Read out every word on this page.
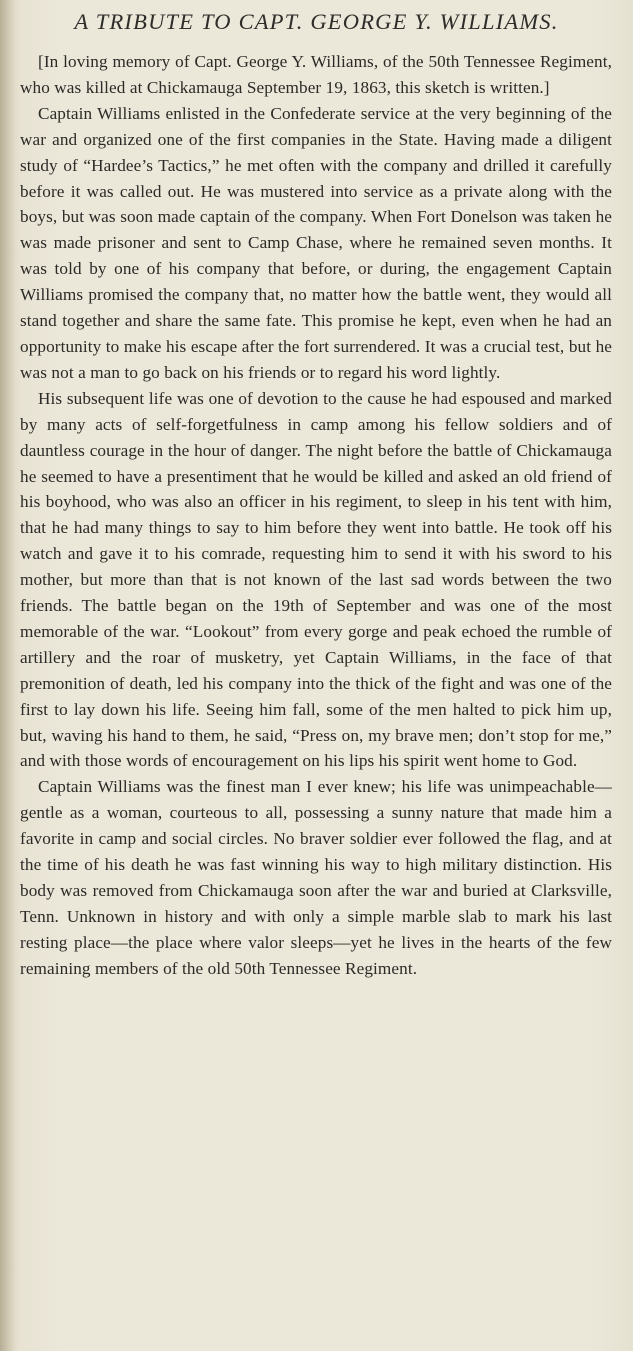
A TRIBUTE TO CAPT. GEORGE Y. WILLIAMS.

[In loving memory of Capt. George Y. Williams, of the 50th Tennessee Regiment, who was killed at Chickamauga September 19, 1863, this sketch is written.]

Captain Williams enlisted in the Confederate service at the very beginning of the war and organized one of the first companies in the State. Having made a diligent study of “Hardee’s Tactics,” he met often with the company and drilled it carefully before it was called out. He was mustered into service as a private along with the boys, but was soon made captain of the company. When Fort Donelson was taken he was made prisoner and sent to Camp Chase, where he remained seven months. It was told by one of his company that before, or during, the engagement Captain Williams promised the company that, no matter how the battle went, they would all stand together and share the same fate. This promise he kept, even when he had an opportunity to make his escape after the fort surrendered. It was a crucial test, but he was not a man to go back on his friends or to regard his word lightly.

His subsequent life was one of devotion to the cause he had espoused and marked by many acts of self-forgetfulness in camp among his fellow soldiers and of dauntless courage in the hour of danger. The night before the battle of Chickamauga he seemed to have a presentiment that he would be killed and asked an old friend of his boyhood, who was also an officer in his regiment, to sleep in his tent with him, that he had many things to say to him before they went into battle. He took off his watch and gave it to his comrade, requesting him to send it with his sword to his mother, but more than that is not known of the last sad words between the two friends. The battle began on the 19th of September and was one of the most memorable of the war. “Lookout” from every gorge and peak echoed the rumble of artillery and the roar of musketry, yet Captain Williams, in the face of that premonition of death, led his company into the thick of the fight and was one of the first to lay down his life. Seeing him fall, some of the men halted to pick him up, but, waving his hand to them, he said, “Press on, my brave men; don’t stop for me,” and with those words of encouragement on his lips his spirit went home to God.

Captain Williams was the finest man I ever knew; his life was unimpeachable—gentle as a woman, courteous to all, possessing a sunny nature that made him a favorite in camp and social circles. No braver soldier ever followed the flag, and at the time of his death he was fast winning his way to high military distinction. His body was removed from Chickamauga soon after the war and buried at Clarksville, Tenn. Unknown in history and with only a simple marble slab to mark his last resting place—the place where valor sleeps—yet he lives in the hearts of the few remaining members of the old 50th Tennessee Regiment.
